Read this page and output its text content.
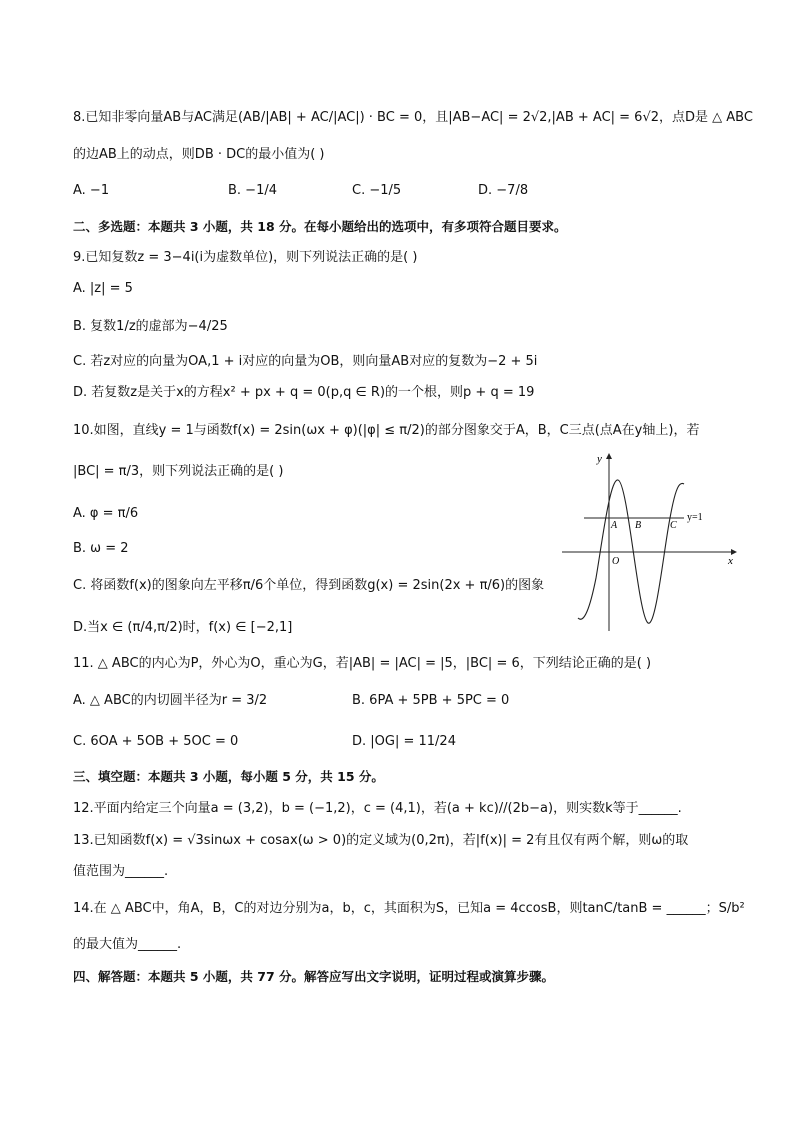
8.已知非零向量AB与AC满足(AB/|AB| + AC/|AC|) · BC = 0，且|AB−AC| = 2√2,|AB + AC| = 6√2，点D是 △ ABC
的边AB上的动点，则DB · DC的最小值为( )
A. −1	B. −1/4	C. −1/5	D. −7/8
二、多选题：本题共 3 小题，共 18 分。在每小题给出的选项中，有多项符合题目要求。
9.已知复数z = 3−4i(i为虚数单位)，则下列说法正确的是( )
A. |z| = 5
B. 复数1/z的虚部为−4/25
C. 若z对应的向量为OA,1 + i对应的向量为OB，则向量AB对应的复数为−2 + 5i
D. 若复数z是关于x的方程x² + px + q = 0(p,q ∈ R)的一个根，则p + q = 19
10.如图，直线y = 1与函数f(x) = 2sin(ωx + φ)(|φ| ≤ π/2)的部分图象交于A，B，C三点(点A在y轴上)，若
|BC| = π/3，则下列说法正确的是( )
A. φ = π/6
B. ω = 2
C. 将函数f(x)的图象向左平移π/6个单位，得到函数g(x) = 2sin(2x + π/6)的图象
D.当x ∈ (π/4,π/2)时，f(x) ∈ [−2,1]
y
x
O
y=1
A B	C
11. △ ABC的内心为P，外心为O，重心为G，若|AB| = |AC| = |5，|BC| = 6，下列结论正确的是( )
A. △ ABC的内切圆半径为r = 3/2	B. 6PA + 5PB + 5PC = 0
C. 6OA + 5OB + 5OC = 0	D. |OG| = 11/24
三、填空题：本题共 3 小题，每小题 5 分，共 15 分。
12.平面内给定三个向量a = (3,2)，b = (−1,2)，c = (4,1)，若(a + kc)//(2b−a)，则实数k等于______.
13.已知函数f(x) = √3sinωx + cosax(ω > 0)的定义域为(0,2π)，若|f(x)| = 2有且仅有两个解，则ω的取
值范围为______.
14.在 △ ABC中，角A，B，C的对边分别为a，b，c，其面积为S，已知a = 4ccosB，则tanC/tanB = ______；S/b²
的最大值为______.
四、解答题：本题共 5 小题，共 77 分。解答应写出文字说明，证明过程或演算步骤。
